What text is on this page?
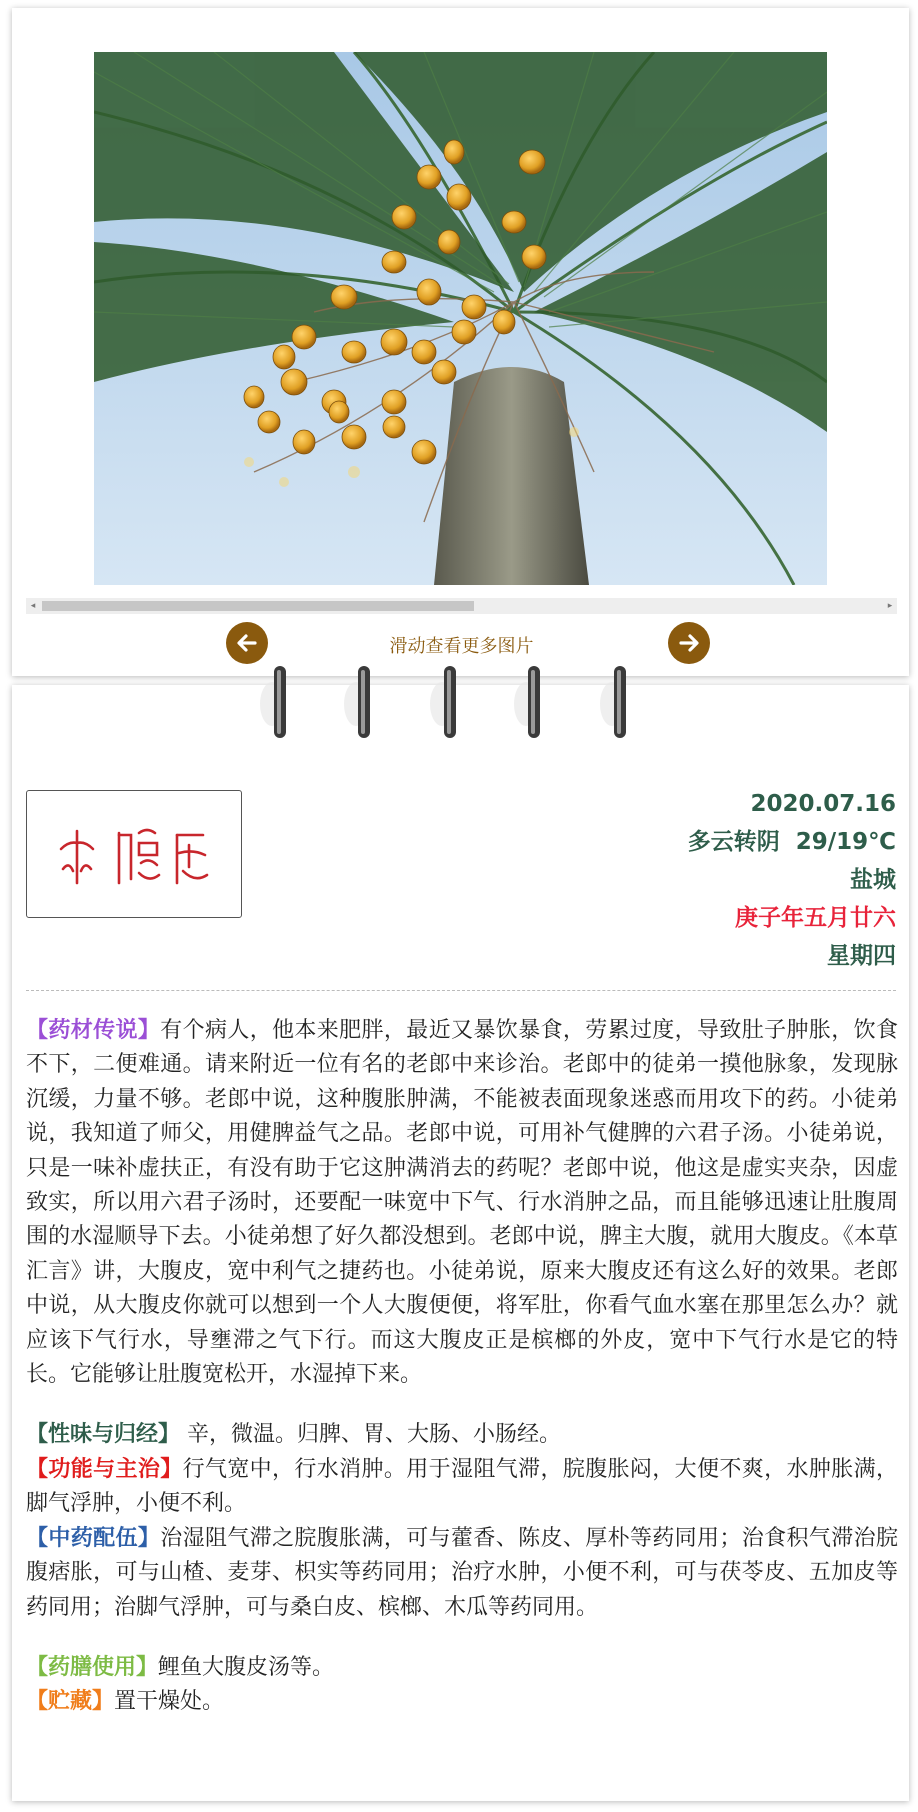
◂	▸
滑动查看更多图片
2020.07.16
多云转阴  29/19℃
盐城
庚子年五月廿六
星期四

【药材传说】有个病人，他本来肥胖，最近又暴饮暴食，劳累过度，导致肚子肿胀，饮食不下，二便难通。请来附近一位有名的老郎中来诊治。老郎中的徒弟一摸他脉象，发现脉沉缓，力量不够。老郎中说，这种腹胀肿满，不能被表面现象迷惑而用攻下的药。小徒弟说，我知道了师父，用健脾益气之品。老郎中说，可用补气健脾的六君子汤。小徒弟说，只是一味补虚扶正，有没有助于它这肿满消去的药呢？老郎中说，他这是虚实夹杂，因虚致实，所以用六君子汤时，还要配一味宽中下气、行水消肿之品，而且能够迅速让肚腹周围的水湿顺导下去。小徒弟想了好久都没想到。老郎中说，脾主大腹，就用大腹皮。《本草汇言》讲，大腹皮，宽中利气之捷药也。小徒弟说，原来大腹皮还有这么好的效果。老郎中说，从大腹皮你就可以想到一个人大腹便便，将军肚，你看气血水塞在那里怎么办？就应该下气行水，导壅滞之气下行。而这大腹皮正是槟榔的外皮，宽中下气行水是它的特长。它能够让肚腹宽松开，水湿掉下来。

【性味与归经】 辛，微温。归脾、胃、大肠、小肠经。

【功能与主治】行气宽中，行水消肿。用于湿阻气滞，脘腹胀闷，大便不爽，水肿胀满，脚气浮肿，小便不利。

【中药配伍】治湿阻气滞之脘腹胀满，可与藿香、陈皮、厚朴等药同用；治食积气滞治脘腹痞胀，可与山楂、麦芽、枳实等药同用；治疗水肿，小便不利，可与茯苓皮、五加皮等药同用；治脚气浮肿，可与桑白皮、槟榔、木瓜等药同用。

【药膳使用】鲤鱼大腹皮汤等。

【贮藏】置干燥处。
